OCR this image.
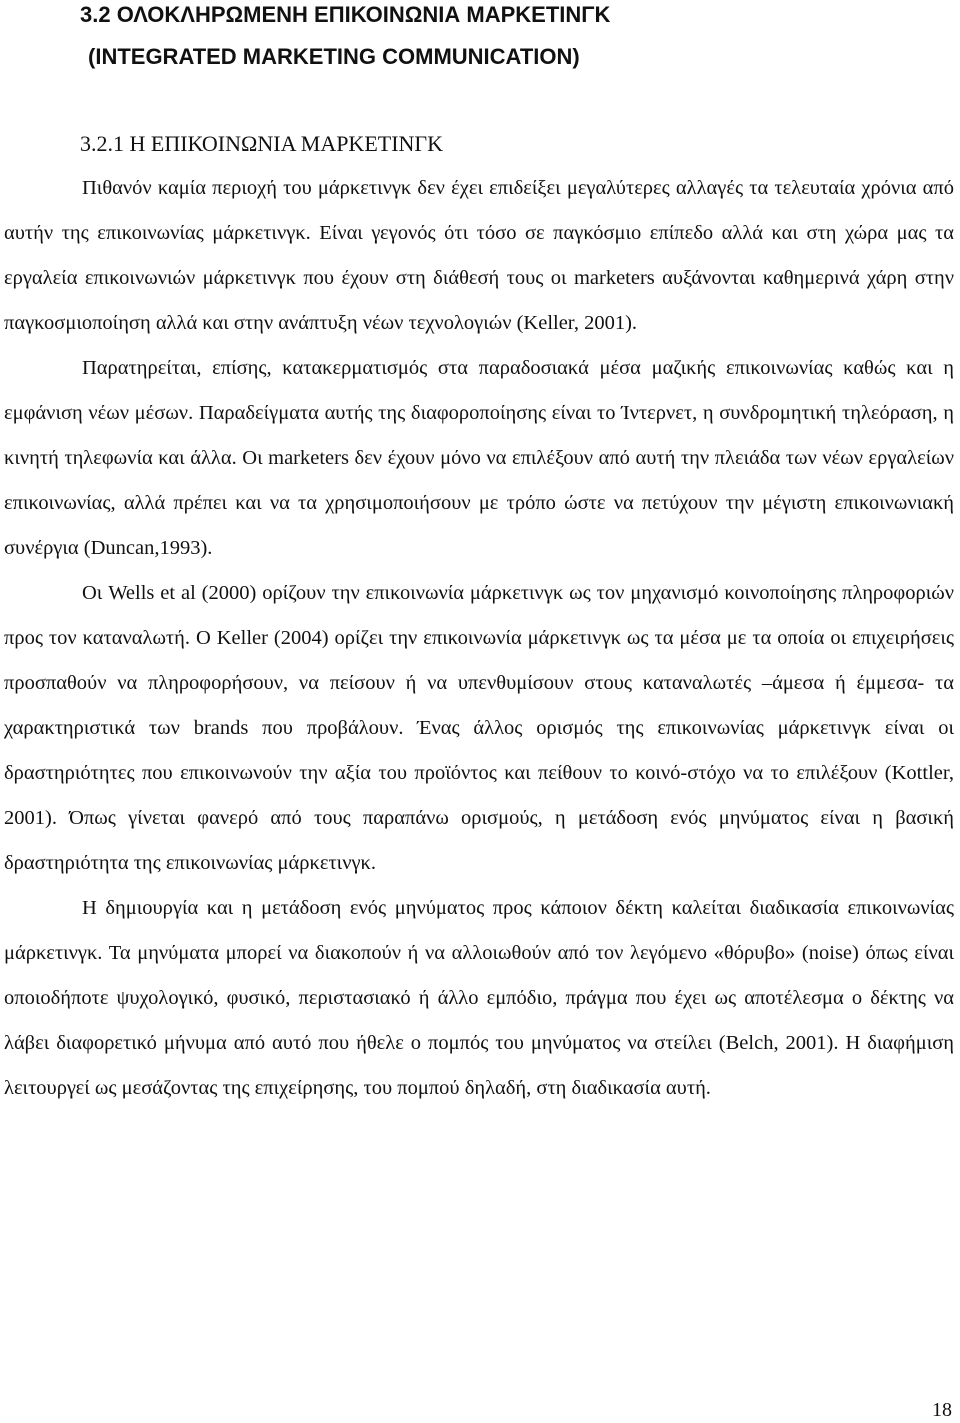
3.2 ΟΛΟΚΛΗΡΩΜΕΝΗ ΕΠΙΚΟΙΝΩΝΙΑ ΜΑΡΚΕΤΙΝΓΚ
(INTEGRATED MARKETING COMMUNICATION)
3.2.1 Η ΕΠΙΚΟΙΝΩΝΙΑ ΜΑΡΚΕΤΙΝΓΚ

Πιθανόν καμία περιοχή του μάρκετινγκ δεν έχει επιδείξει μεγαλύτερες αλλαγές τα τελευταία χρόνια από αυτήν της επικοινωνίας μάρκετινγκ. Είναι γεγονός ότι τόσο σε παγκόσμιο επίπεδο αλλά και στη χώρα μας τα εργαλεία επικοινωνιών μάρκετινγκ που έχουν στη διάθεσή τους οι marketers αυξάνονται καθημερινά χάρη στην παγκοσμιοποίηση αλλά και στην ανάπτυξη νέων τεχνολογιών (Keller, 2001).

Παρατηρείται, επίσης, κατακερματισμός στα παραδοσιακά μέσα μαζικής επικοινωνίας καθώς και η εμφάνιση νέων μέσων. Παραδείγματα αυτής της διαφοροποίησης είναι το Ίντερνετ, η συνδρομητική τηλεόραση, η κινητή τηλεφωνία και άλλα. Οι marketers δεν έχουν μόνο να επιλέξουν από αυτή την πλειάδα των νέων εργαλείων επικοινωνίας, αλλά πρέπει και να τα χρησιμοποιήσουν με τρόπο ώστε να πετύχουν την μέγιστη επικοινωνιακή συνέργια (Duncan,1993).

Οι Wells et al (2000) ορίζουν την επικοινωνία μάρκετινγκ ως τον μηχανισμό κοινοποίησης πληροφοριών προς τον καταναλωτή. Ο Keller (2004) ορίζει την επικοινωνία μάρκετινγκ ως τα μέσα με τα οποία οι επιχειρήσεις προσπαθούν να πληροφορήσουν, να πείσουν ή να υπενθυμίσουν στους καταναλωτές –άμεσα ή έμμεσα- τα χαρακτηριστικά των brands που προβάλουν. Ένας άλλος ορισμός της επικοινωνίας μάρκετινγκ είναι οι δραστηριότητες που επικοινωνούν την αξία του προϊόντος και πείθουν το κοινό-στόχο να το επιλέξουν (Kottler, 2001). Όπως γίνεται φανερό από τους παραπάνω ορισμούς, η μετάδοση ενός μηνύματος είναι η βασική δραστηριότητα της επικοινωνίας μάρκετινγκ.

Η δημιουργία και η μετάδοση ενός μηνύματος προς κάποιον δέκτη καλείται διαδικασία επικοινωνίας μάρκετινγκ. Τα μηνύματα μπορεί να διακοπούν ή να αλλοιωθούν από τον λεγόμενο «θόρυβο» (noise) όπως είναι οποιοδήποτε ψυχολογικό, φυσικό, περιστασιακό ή άλλο εμπόδιο, πράγμα που έχει ως αποτέλεσμα ο δέκτης να λάβει διαφορετικό μήνυμα από αυτό που ήθελε ο πομπός του μηνύματος να στείλει (Belch, 2001). Η διαφήμιση λειτουργεί ως μεσάζοντας της επιχείρησης, του πομπού δηλαδή, στη διαδικασία αυτή.

18
